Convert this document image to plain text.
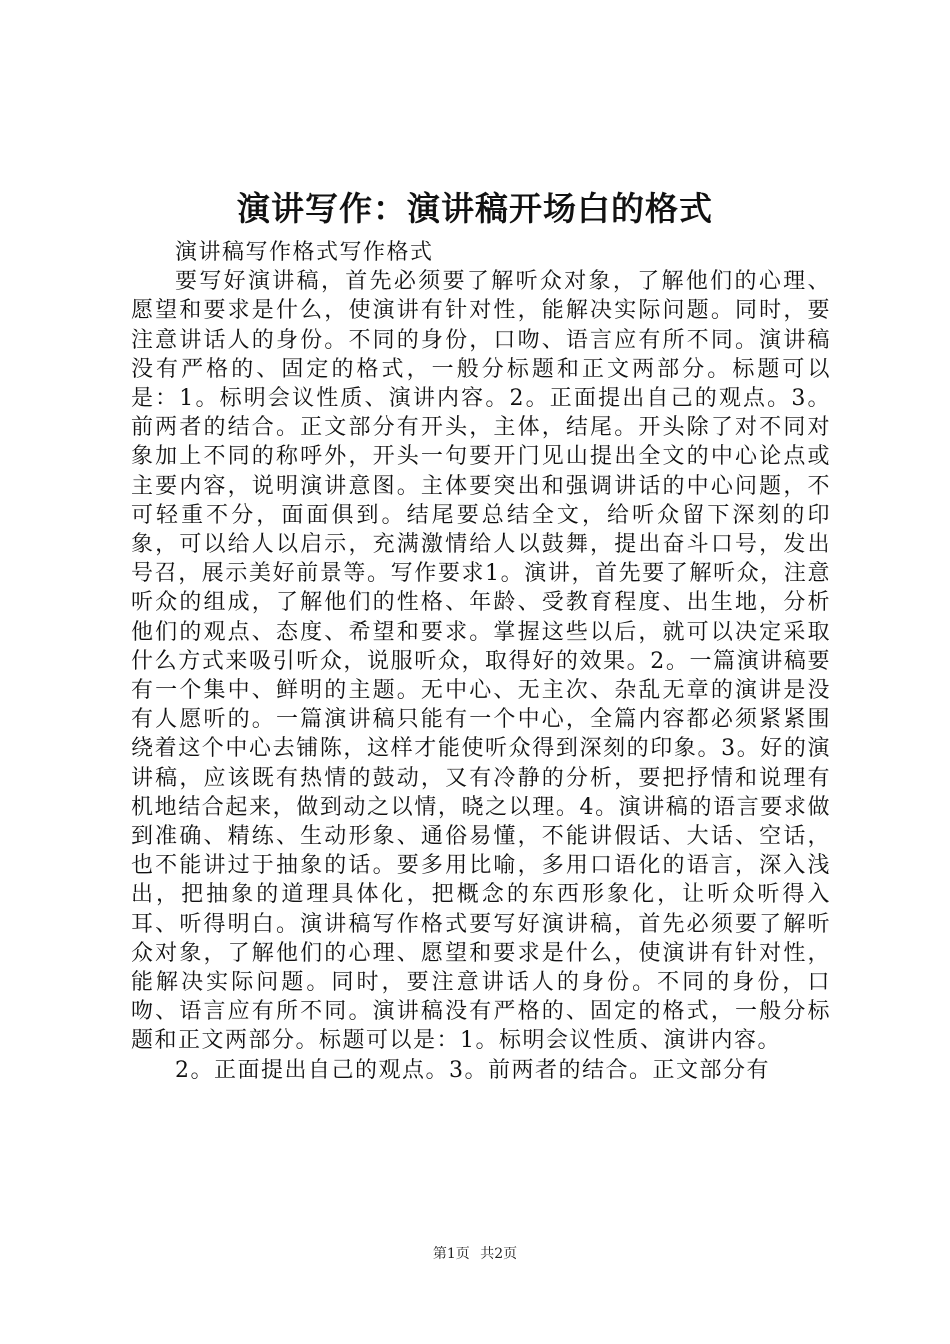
演讲写作：演讲稿开场白的格式

演讲稿写作格式写作格式

要写好演讲稿，首先必须要了解听众对象，了解他们的心理、愿望和要求是什么，使演讲有针对性，能解决实际问题。同时，要注意讲话人的身份。不同的身份，口吻、语言应有所不同。演讲稿没有严格的、固定的格式，一般分标题和正文两部分。标题可以是：1。标明会议性质、演讲内容。2。正面提出自己的观点。3。前两者的结合。正文部分有开头，主体，结尾。开头除了对不同对象加上不同的称呼外，开头一句要开门见山提出全文的中心论点或主要内容，说明演讲意图。主体要突出和强调讲话的中心问题，不可轻重不分，面面俱到。结尾要总结全文，给听众留下深刻的印象，可以给人以启示，充满激情给人以鼓舞，提出奋斗口号，发出号召，展示美好前景等。写作要求1。演讲，首先要了解听众，注意听众的组成，了解他们的性格、年龄、受教育程度、出生地，分析他们的观点、态度、希望和要求。掌握这些以后，就可以决定采取什么方式来吸引听众，说服听众，取得好的效果。2。一篇演讲稿要有一个集中、鲜明的主题。无中心、无主次、杂乱无章的演讲是没有人愿听的。一篇演讲稿只能有一个中心，全篇内容都必须紧紧围绕着这个中心去铺陈，这样才能使听众得到深刻的印象。3。好的演讲稿，应该既有热情的鼓动，又有冷静的分析，要把抒情和说理有机地结合起来，做到动之以情，晓之以理。4。演讲稿的语言要求做到准确、精练、生动形象、通俗易懂，不能讲假话、大话、空话，也不能讲过于抽象的话。要多用比喻，多用口语化的语言，深入浅出，把抽象的道理具体化，把概念的东西形象化，让听众听得入耳、听得明白。演讲稿写作格式要写好演讲稿，首先必须要了解听众对象，了解他们的心理、愿望和要求是什么，使演讲有针对性，能解决实际问题。同时，要注意讲话人的身份。不同的身份，口吻、语言应有所不同。演讲稿没有严格的、固定的格式，一般分标题和正文两部分。标题可以是：1。标明会议性质、演讲内容。

2。正面提出自己的观点。3。前两者的结合。正文部分有

第1页 共2页
